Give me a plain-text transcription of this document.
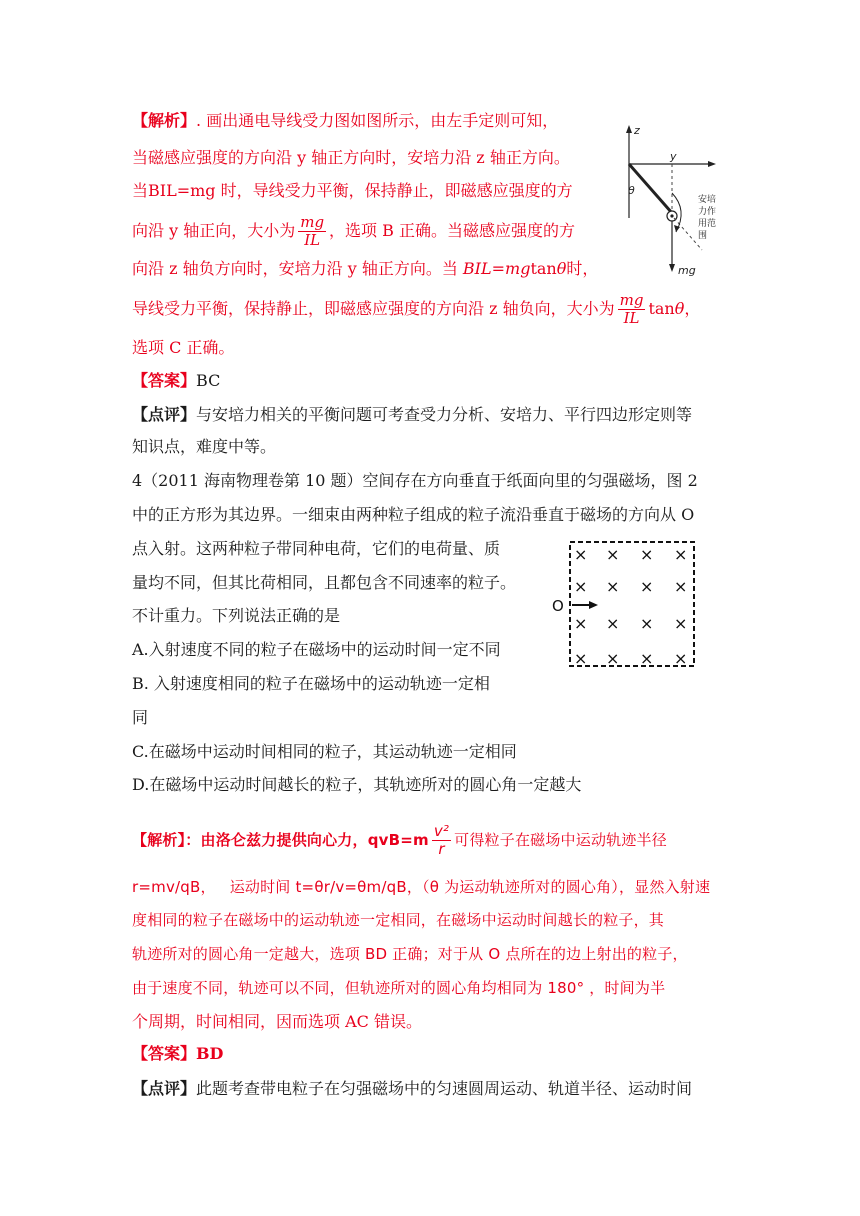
【解析】. 画出通电导线受力图如图所示，由左手定则可知，
当磁感应强度的方向沿 y 轴正方向时，安培力沿 z 轴正方向。
当BIL=mg 时，导线受力平衡，保持静止，即磁感应强度的方
向沿 y 轴正向，大小为 $\frac{mg}{IL}$ ，选项 B 正确。当磁感应强度的方
向沿 z 轴负方向时，安培力沿 y 轴正方向。当 BIL=mgtanθ时，
导线受力平衡，保持静止，即磁感应强度的方向沿 z 轴负向，大小为 $\frac{mg}{IL}$ tanθ，
选项 C 正确。
【答案】BC
【点评】与安培力相关的平衡问题可考查受力分析、安培力、平行四边形定则等
知识点，难度中等。
z
y
θ
mg
安培
力作
用范
围
4（2011 海南物理卷第 10 题）空间存在方向垂直于纸面向里的匀强磁场，图 2
中的正方形为其边界。一细束由两种粒子组成的粒子流沿垂直于磁场的方向从 O
点入射。这两种粒子带同种电荷，它们的电荷量、质
量均不同，但其比荷相同，且都包含不同速率的粒子。
不计重力。下列说法正确的是
A.入射速度不同的粒子在磁场中的运动时间一定不同
B. 入射速度相同的粒子在磁场中的运动轨迹一定相
同
C.在磁场中运动时间相同的粒子，其运动轨迹一定相同
D.在磁场中运动时间越长的粒子，其轨迹所对的圆心角一定越大
× × × ×
× × × ×
× × × ×
× × × ×
O
【解析】：由洛仑兹力提供向心力，$qvB=m \frac{\text{v²}}{r}$ 可得粒子在磁场中运动轨迹半径
r=mv/qB， 运动时间 t=θr/v=θm/qB，（θ 为运动轨迹所对的圆心角），显然入射速
度相同的粒子在磁场中的运动轨迹一定相同，在磁场中运动时间越长的粒子，其
轨迹所对的圆心角一定越大，选项 BD 正确；对于从 O 点所在的边上射出的粒子，
由于速度不同，轨迹可以不同，但轨迹所对的圆心角均相同为 180° ，时间为半
个周期，时间相同，因而选项 AC 错误。
【答案】BD
【点评】此题考查带电粒子在匀强磁场中的匀速圆周运动、轨道半径、运动时间
